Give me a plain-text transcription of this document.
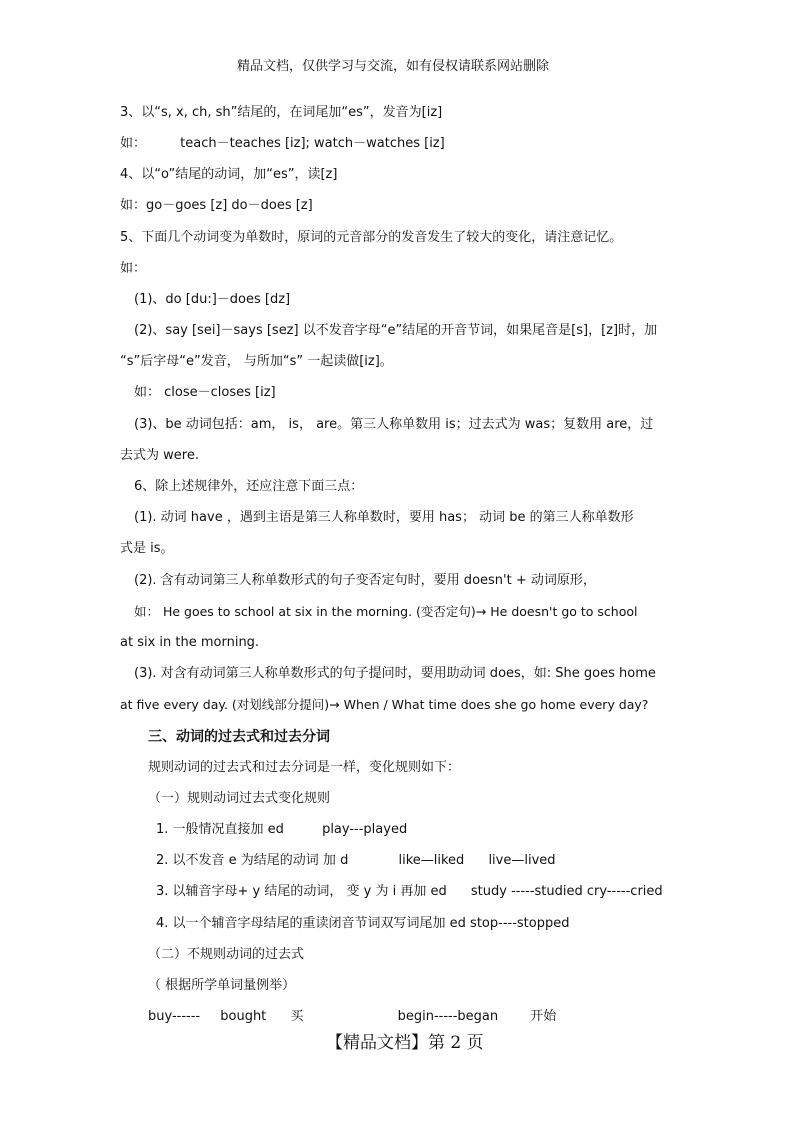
精品文档，仅供学习与交流，如有侵权请联系网站删除
3、以“s, x, ch, sh”结尾的，在词尾加“es”，发音为[iz]
如：	teach－teaches [iz]; watch－watches [iz]
4、以“o”结尾的动词，加“es”，读[z]
如：go－goes [z] do－does [z]
5、下面几个动词变为单数时，原词的元音部分的发音发生了较大的变化，请注意记忆。
如：
(1)、do [du:]－does [dz]
(2)、say [sei]－says [sez] 以不发音字母“e”结尾的开音节词，如果尾音是[s]，[z]时，加
“s”后字母“e”发音， 与所加“s” 一起读做[iz]。
如： close－closes [iz]
(3)、be 动词包括：am， is， are。第三人称单数用 is；过去式为 was；复数用 are，过
去式为 were.
6、除上述规律外，还应注意下面三点：
(1). 动词 have ，遇到主语是第三人称单数时，要用 has； 动词 be 的第三人称单数形
式是 is。
(2). 含有动词第三人称单数形式的句子变否定句时，要用 doesn't + 动词原形，
如： He goes to school at six in the morning. (变否定句)→ He doesn't go to school
at six in the morning.
(3). 对含有动词第三人称单数形式的句子提问时，要用助动词 does，如: She goes home
at five every day. (对划线部分提问)→ When / What time does she go home every day?
三、动词的过去式和过去分词
规则动词的过去式和过去分词是一样，变化规则如下：
（一）规则动词过去式变化规则
1. 一般情况直接加 ed	play---played
2. 以不发音 e 为结尾的动词 加 d	like—liked live—lived
3. 以辅音字母+ y 结尾的动词， 变 y 为 i 再加 ed study -----studied cry-----cried
4. 以一个辅音字母结尾的重读闭音节词双写词尾加 ed stop----stopped
（二）不规则动词的过去式
（ 根据所学单词量例举）
buy------ bought 买	begin-----began 开始
【精品文档】第 2 页
